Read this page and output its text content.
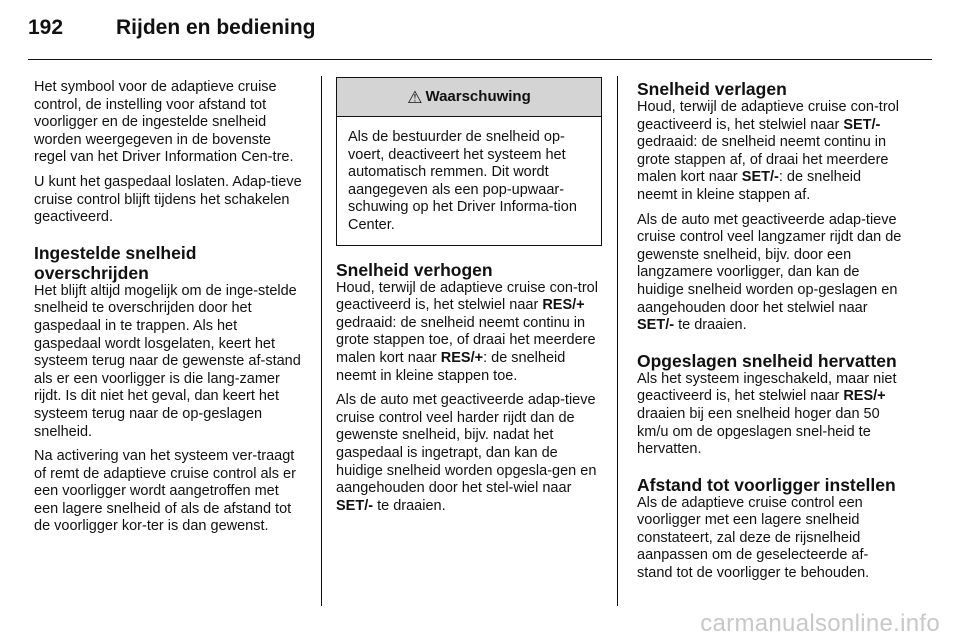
192	Rijden en bediening

Het symbool voor de adaptieve cruise control, de instelling voor afstand tot voorligger en de ingestelde snelheid worden weergegeven in de bovenste regel van het Driver Information Cen-tre.

U kunt het gaspedaal loslaten. Adap-tieve cruise control blijft tijdens het schakelen geactiveerd.

Ingestelde snelheid overschrijden

Het blijft altijd mogelijk om de inge-stelde snelheid te overschrijden door het gaspedaal in te trappen. Als het gaspedaal wordt losgelaten, keert het systeem terug naar de gewenste af-stand als er een voorligger is die lang-zamer rijdt. Is dit niet het geval, dan keert het systeem terug naar de op-geslagen snelheid.

Na activering van het systeem ver-traagt of remt de adaptieve cruise control als er een voorligger wordt aangetroffen met een lagere snelheid of als de afstand tot de voorligger kor-ter is dan gewenst.

⚠ Waarschuwing

Als de bestuurder de snelheid op-voert, deactiveert het systeem het automatisch remmen. Dit wordt aangegeven als een pop-upwaar-schuwing op het Driver Informa-tion Center.

Snelheid verhogen

Houd, terwijl de adaptieve cruise con-trol geactiveerd is, het stelwiel naar RES/+ gedraaid: de snelheid neemt continu in grote stappen toe, of draai het meerdere malen kort naar RES/+: de snelheid neemt in kleine stappen toe.

Als de auto met geactiveerde adap-tieve cruise control veel harder rijdt dan de gewenste snelheid, bijv. nadat het gaspedaal is ingetrapt, dan kan de huidige snelheid worden opgesla-gen en aangehouden door het stel-wiel naar SET/- te draaien.

Snelheid verlagen

Houd, terwijl de adaptieve cruise con-trol geactiveerd is, het stelwiel naar SET/- gedraaid: de snelheid neemt continu in grote stappen af, of draai het meerdere malen kort naar SET/-: de snelheid neemt in kleine stappen af.

Als de auto met geactiveerde adap-tieve cruise control veel langzamer rijdt dan de gewenste snelheid, bijv. door een langzamere voorligger, dan kan de huidige snelheid worden op-geslagen en aangehouden door het stelwiel naar SET/- te draaien.

Opgeslagen snelheid hervatten

Als het systeem ingeschakeld, maar niet geactiveerd is, het stelwiel naar RES/+ draaien bij een snelheid hoger dan 50 km/u om de opgeslagen snel-heid te hervatten.

Afstand tot voorligger instellen

Als de adaptieve cruise control een voorligger met een lagere snelheid constateert, zal deze de rijsnelheid aanpassen om de geselecteerde af-stand tot de voorligger te behouden.

carmanualsonline.info
